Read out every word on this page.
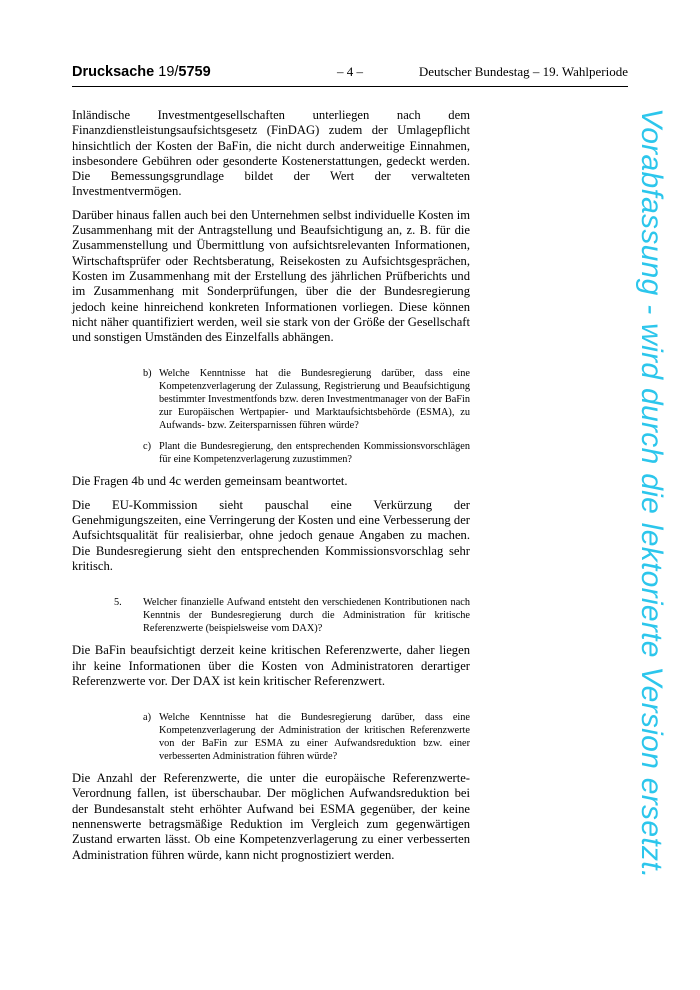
Drucksache 19/5759	– 4 –	Deutscher Bundestag – 19. Wahlperiode

Inländische Investmentgesellschaften unterliegen nach dem Finanzdienstleistungsaufsichtsgesetz (FinDAG) zudem der Umlagepflicht hinsichtlich der Kosten der BaFin, die nicht durch anderweitige Einnahmen, insbesondere Gebühren oder gesonderte Kostenerstattungen, gedeckt werden. Die Bemessungsgrundlage bildet der Wert der verwalteten Investmentvermögen.

Darüber hinaus fallen auch bei den Unternehmen selbst individuelle Kosten im Zusammenhang mit der Antragstellung und Beaufsichtigung an, z. B. für die Zusammenstellung und Übermittlung von aufsichtsrelevanten Informationen, Wirtschaftsprüfer oder Rechtsberatung, Reisekosten zu Aufsichtsgesprächen, Kosten im Zusammenhang mit der Erstellung des jährlichen Prüfberichts und im Zusammenhang mit Sonderprüfungen, über die der Bundesregierung jedoch keine hinreichend konkreten Informationen vorliegen. Diese können nicht näher quantifiziert werden, weil sie stark von der Größe der Gesellschaft und sonstigen Umständen des Einzelfalls abhängen.

b) Welche Kenntnisse hat die Bundesregierung darüber, dass eine Kompetenzverlagerung der Zulassung, Registrierung und Beaufsichtigung bestimmter Investmentfonds bzw. deren Investmentmanager von der BaFin zur Europäischen Wertpapier- und Marktaufsichtsbehörde (ESMA), zu Aufwands- bzw. Zeitersparnissen führen würde?
c) Plant die Bundesregierung, den entsprechenden Kommissionsvorschlägen für eine Kompetenzverlagerung zuzustimmen?

Die Fragen 4b und 4c werden gemeinsam beantwortet.

Die EU-Kommission sieht pauschal eine Verkürzung der Genehmigungszeiten, eine Verringerung der Kosten und eine Verbesserung der Aufsichtsqualität für realisierbar, ohne jedoch genaue Angaben zu machen. Die Bundesregierung sieht den entsprechenden Kommissionsvorschlag sehr kritisch.

5. Welcher finanzielle Aufwand entsteht den verschiedenen Kontributionen nach Kenntnis der Bundesregierung durch die Administration für kritische Referenzwerte (beispielsweise vom DAX)?

Die BaFin beaufsichtigt derzeit keine kritischen Referenzwerte, daher liegen ihr keine Informationen über die Kosten von Administratoren derartiger Referenzwerte vor. Der DAX ist kein kritischer Referenzwert.

a) Welche Kenntnisse hat die Bundesregierung darüber, dass eine Kompetenzverlagerung der Administration der kritischen Referenzwerte von der BaFin zur ESMA zu einer Aufwandsreduktion bzw. einer verbesserten Administration führen würde?

Die Anzahl der Referenzwerte, die unter die europäische Referenzwerte-Verordnung fallen, ist überschaubar. Der möglichen Aufwandsreduktion bei der Bundesanstalt steht erhöhter Aufwand bei ESMA gegenüber, der keine nennenswerte betragsmäßige Reduktion im Vergleich zum gegenwärtigen Zustand erwarten lässt. Ob eine Kompetenzverlagerung zu einer verbesserten Administration führen würde, kann nicht prognostiziert werden.	Vorabfassung - wird durch die lektorierte Version ersetzt.
